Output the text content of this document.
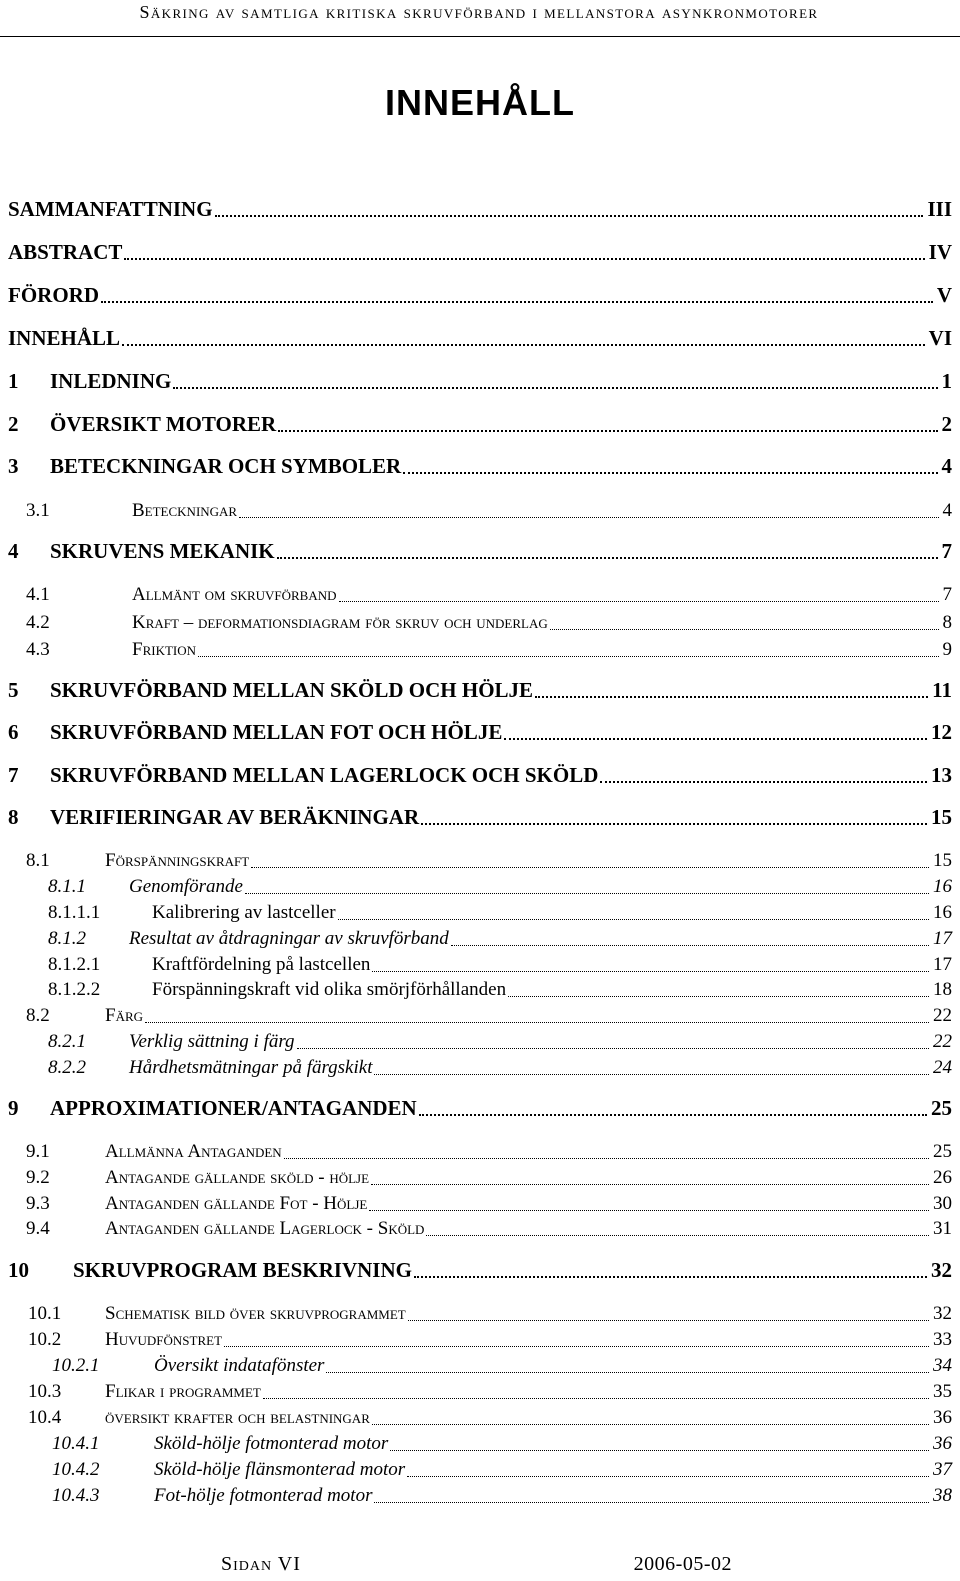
Säkring av samtliga kritiska skruvförband i mellanstora asynkronmotorer
INNEHÅLL
SAMMANFATTNING	III
ABSTRACT	IV
FÖRORD	V
INNEHÅLL	VI
1 INLEDNING	1
2 ÖVERSIKT MOTORER	2
3 BETECKNINGAR OCH SYMBOLER	4
3.1	Beteckningar	4
4 SKRUVENS MEKANIK	7
4.1	Allmänt om skruvförband	7
4.2	Kraft – deformationsdiagram för skruv och underlag	8
4.3	Friktion	9
5 SKRUVFÖRBAND MELLAN SKÖLD OCH HÖLJE	11
6 SKRUVFÖRBAND MELLAN FOT OCH HÖLJE	12
7 SKRUVFÖRBAND MELLAN LAGERLOCK OCH SKÖLD	13
8 VERIFIERINGAR AV BERÄKNINGAR	15
8.1	Förspänningskraft	15
8.1.1 Genomförande	16
8.1.1.1	Kalibrering av lastceller	16
8.1.2 Resultat av åtdragningar av skruvförband	17
8.1.2.1	Kraftfördelning på lastcellen	17
8.1.2.2	Förspänningskraft vid olika smörjförhållanden	18
8.2	Färg	22
8.2.1 Verklig sättning i färg	22
8.2.2 Hårdhetsmätningar på färgskikt	24
9 APPROXIMATIONER/ANTAGANDEN	25
9.1	Allmänna Antaganden	25
9.2	Antagande gällande sköld - hölje	26
9.3	Antaganden gällande Fot - Hölje	30
9.4	Antaganden gällande Lagerlock - Sköld	31
10 SKRUVPROGRAM BESKRIVNING	32
10.1 Schematisk bild över skruvprogrammet	32
10.2 Huvudfönstret	33
10.2.1	Översikt indatafönster	34
10.3 Flikar i programmet	35
10.4 översikt krafter och belastningar	36
10.4.1	Sköld-hölje fotmonterad motor	36
10.4.2	Sköld-hölje flänsmonterad motor	37
10.4.3	Fot-hölje fotmonterad motor	38
Sidan VI	2006-05-02
